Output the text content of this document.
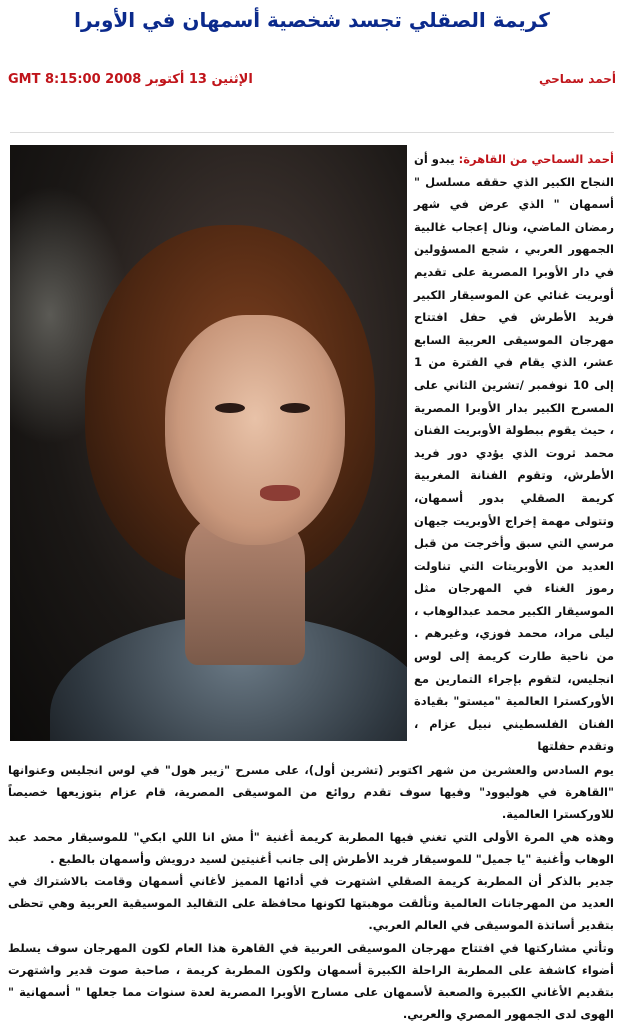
كريمة الصقلي تجسد شخصية أسمهان في الأوبرا
الإثنين 13 أكتوبر 2008 GMT 8:15:00	أحمد سماحي
أحمد السماحي من القاهرة: يبدو أن النجاح الكبير الذي حققه مسلسل " أسمهان " الذي عرض في شهر رمضان الماضي، ونال إعجاب غالبية الجمهور العربي ، شجع المسؤولين في دار الأوبرا المصرية على تقديم أوبريت غنائي عن الموسيقار الكبير فريد الأطرش في حفل افتتاح مهرجان الموسيقى العربية السابع عشر، الذي يقام في الفترة من 1 إلى 10 نوفمبر /تشرين الثاني على المسرح الكبير بدار الأوبرا المصرية ، حيث يقوم ببطولة الأوبريت الفنان محمد ثروت الذي يؤدي دور فريد الأطرش، وتقوم الفنانة المغربية كريمة الصقلي بدور أسمهان، وتتولى مهمة إخراج الأوبريت جيهان مرسي التي سبق وأخرجت من قبل العديد من الأوبريتات التي تناولت رموز الغناء في المهرجان مثل الموسيقار الكبير محمد عبدالوهاب ، ليلى مراد، محمد فوزي، وغيرهم . من ناحية طارت كريمة إلى لوس انجليس، لتقوم بإجراء التمارين مع الأوركسترا العالمية "ميستو" بقيادة الفنان الفلسطيني نبيل عزام ، وتقدم حفلتها

يوم السادس والعشرين من شهر اكتوبر (تشرين أول)، على مسرح "زيبر هول" في لوس انجليس وعنوانها "القاهرة في هوليوود" وفيها سوف تقدم روائع من الموسيقى المصرية، قام عزام بتوزيعها خصيصاً للاوركسترا العالمية.

وهذه هي المرة الأولى التي تغني فيها المطربة كريمة أغنية "أ مش انا اللي ابكي" للموسيقار محمد عبد الوهاب وأغنية "يا جميل" للموسيقار فريد الأطرش إلى جانب أغنيتين لسيد درويش وأسمهان بالطبع .

جدير بالذكر أن المطربة كريمة الصقلي اشتهرت في أدائها المميز لأغاني أسمهان وقامت بالاشتراك في العديد من المهرجانات العالمية وتألقت موهبتها لكونها محافظة على التقاليد الموسيقية العربية وهي تحظى بتقدير أساتذة الموسيقى في العالم العربي.

وتأتي مشاركتها في افتتاح مهرجان الموسيقى العربية في القاهرة هذا العام لكون المهرجان سوف يسلط أضواء كاشفة على المطربة الراحلة الكبيرة أسمهان ولكون المطربة كريمة ، صاحبة صوت قدير واشتهرت بتقديم الأغاني الكبيرة والصعبة لأسمهان على مسارح الأوبرا المصرية لعدة سنوات مما جعلها " أسمهانية " الهوى لدى الجمهور المصري والعربي.
